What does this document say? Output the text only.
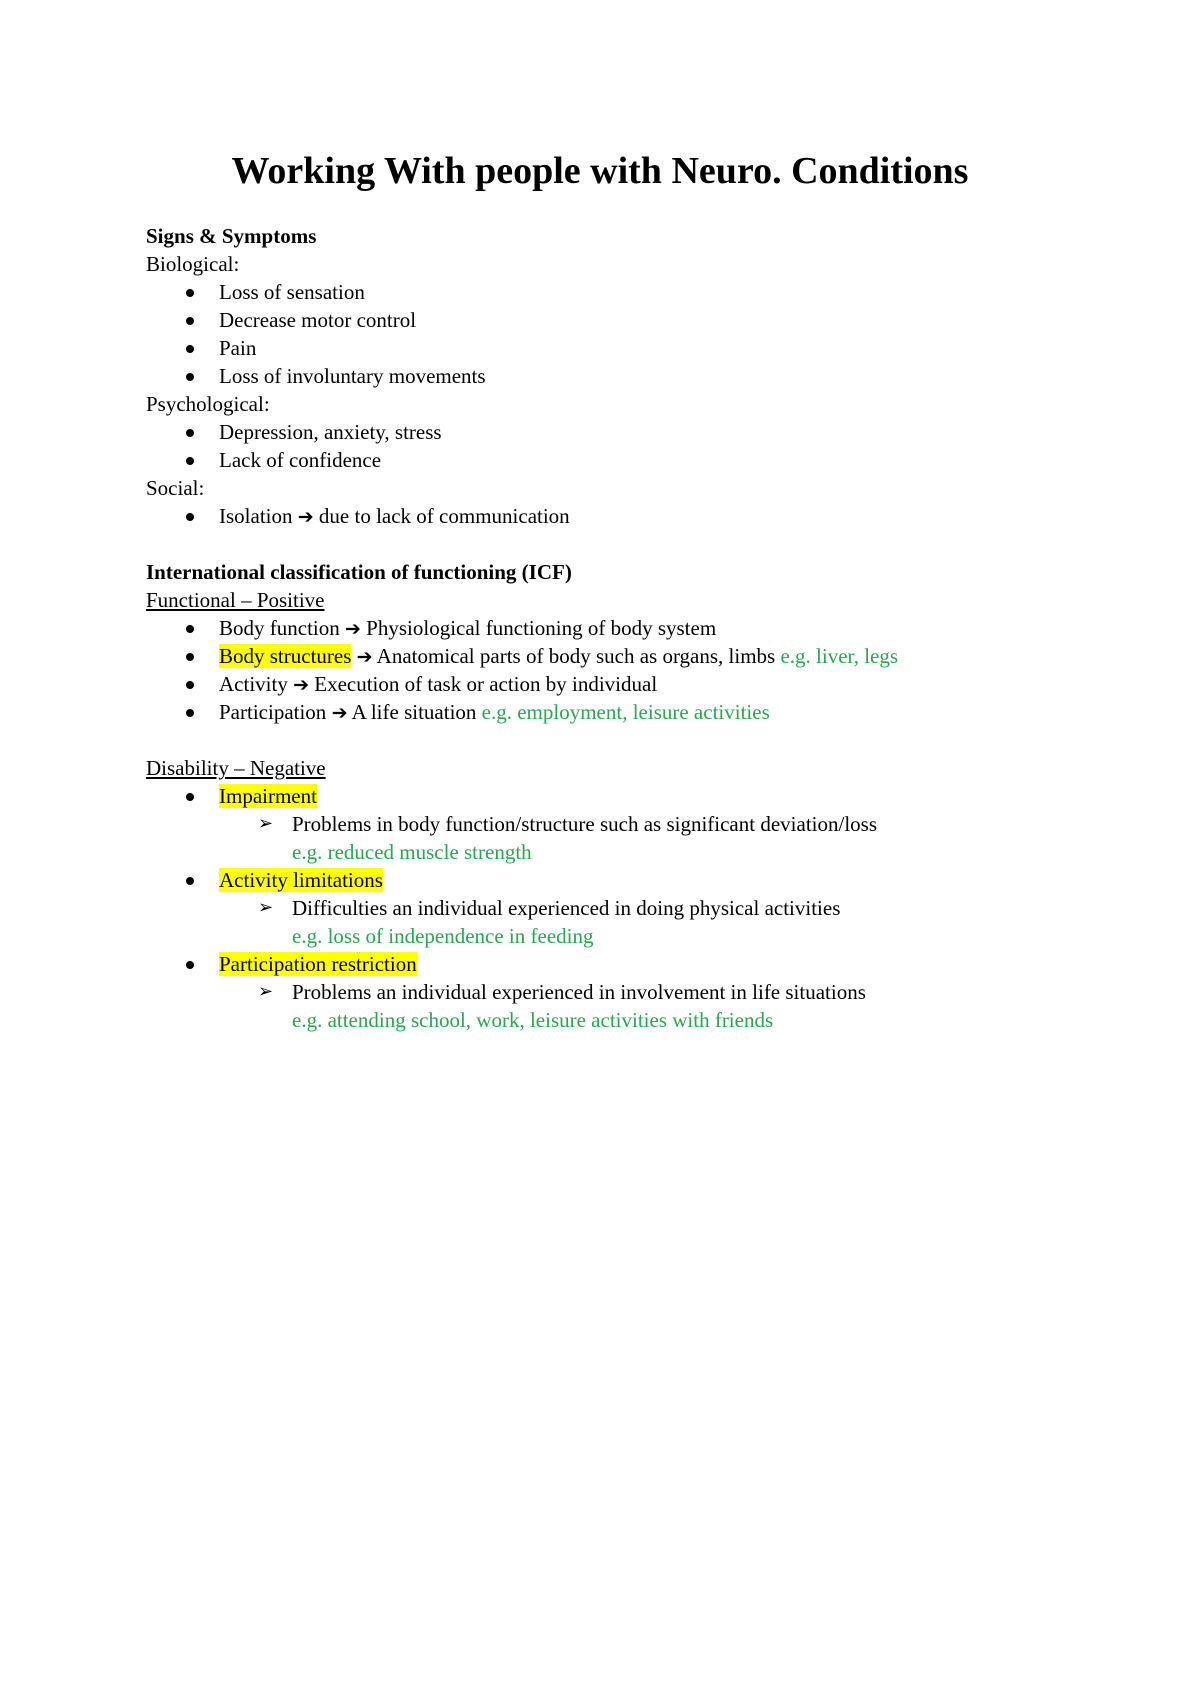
Working With people with Neuro. Conditions
Signs & Symptoms
Biological:
Loss of sensation
Decrease motor control
Pain
Loss of involuntary movements
Psychological:
Depression, anxiety, stress
Lack of confidence
Social:
Isolation ➔ due to lack of communication
International classification of functioning (ICF)
Functional – Positive
Body function ➔ Physiological functioning of body system
Body structures ➔ Anatomical parts of body such as organs, limbs e.g. liver, legs
Activity ➔ Execution of task or action by individual
Participation ➔ A life situation e.g. employment, leisure activities
Disability – Negative
Impairment
➢ Problems in body function/structure such as significant deviation/loss
e.g. reduced muscle strength
Activity limitations
➢ Difficulties an individual experienced in doing physical activities
e.g. loss of independence in feeding
Participation restriction
➢ Problems an individual experienced in involvement in life situations
e.g. attending school, work, leisure activities with friends
